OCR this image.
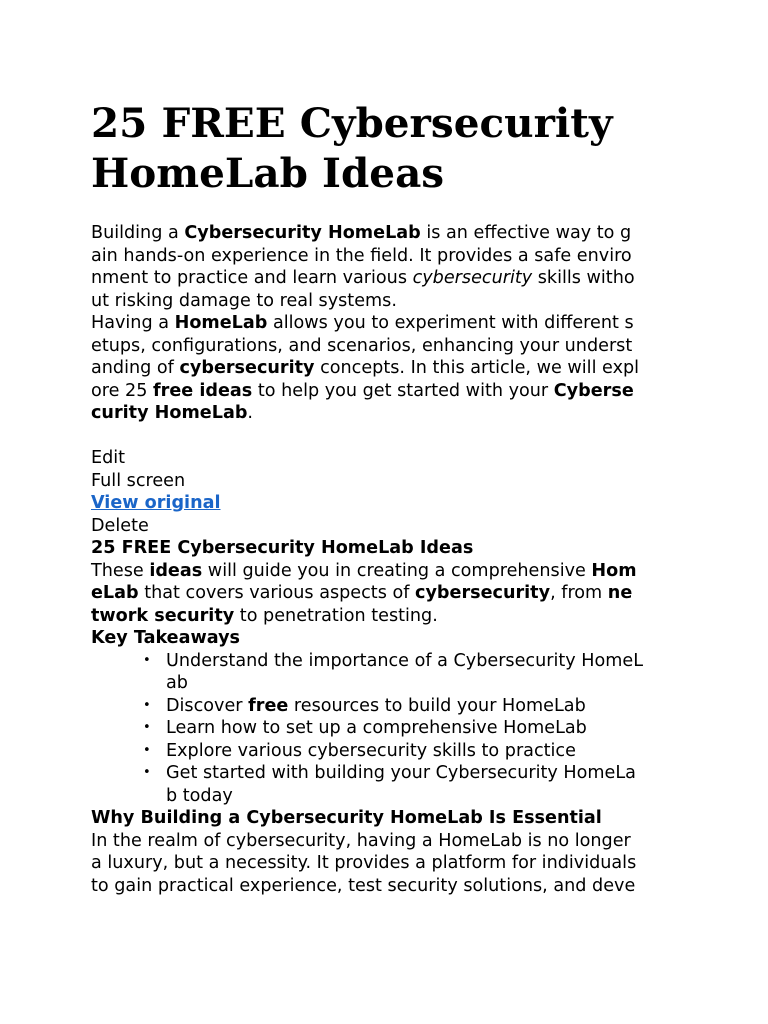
25 FREE Cybersecurity
HomeLab Ideas
Building a Cybersecurity HomeLab is an effective way to g
ain hands-on experience in the field. It provides a safe enviro
nment to practice and learn various cybersecurity skills witho
ut risking damage to real systems.
Having a HomeLab allows you to experiment with different s
etups, configurations, and scenarios, enhancing your underst
anding of cybersecurity concepts. In this article, we will expl
ore 25 free ideas to help you get started with your Cyberse
curity HomeLab.
Edit
Full screen
View original
Delete
25 FREE Cybersecurity HomeLab Ideas
These ideas will guide you in creating a comprehensive Hom
eLab that covers various aspects of cybersecurity, from ne
twork security to penetration testing.
Key Takeaways
• Understand the importance of a Cybersecurity HomeL
ab
• Discover free resources to build your HomeLab
• Learn how to set up a comprehensive HomeLab
• Explore various cybersecurity skills to practice
• Get started with building your Cybersecurity HomeLa
b today
Why Building a Cybersecurity HomeLab Is Essential
In the realm of cybersecurity, having a HomeLab is no longer
a luxury, but a necessity. It provides a platform for individuals
to gain practical experience, test security solutions, and deve
